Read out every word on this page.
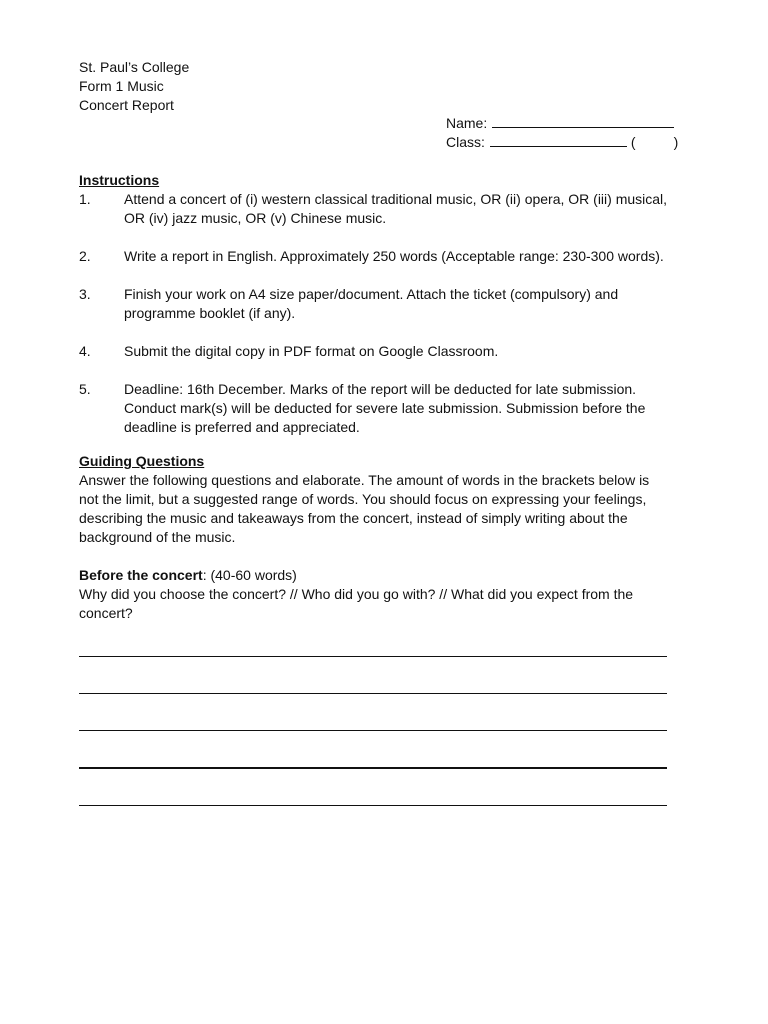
St. Paul’s College
Form 1 Music
Concert Report
Name:
Class:	(	)
Instructions
1. Attend a concert of (i) western classical traditional music, OR (ii) opera, OR (iii) musical, OR (iv) jazz music, OR (v) Chinese music.
2. Write a report in English. Approximately 250 words (Acceptable range: 230-300 words).
3. Finish your work on A4 size paper/document. Attach the ticket (compulsory) and programme booklet (if any).
4. Submit the digital copy in PDF format on Google Classroom.
5. Deadline: 16th December. Marks of the report will be deducted for late submission. Conduct mark(s) will be deducted for severe late submission. Submission before the deadline is preferred and appreciated.
Guiding Questions
Answer the following questions and elaborate. The amount of words in the brackets below is not the limit, but a suggested range of words. You should focus on expressing your feelings, describing the music and takeaways from the concert, instead of simply writing about the background of the music.
Before the concert: (40-60 words)
Why did you choose the concert? // Who did you go with? // What did you expect from the concert?
